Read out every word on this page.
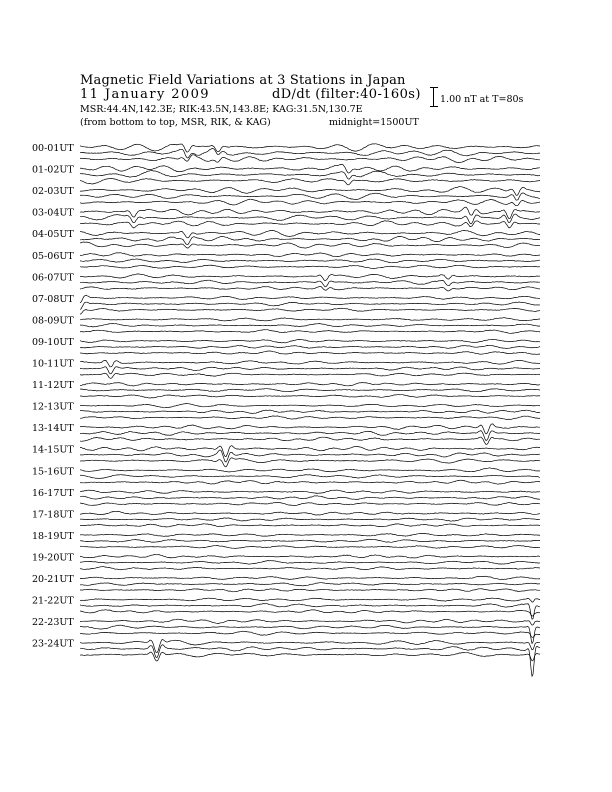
Magnetic Field Variations at 3 Stations in Japan
11 January 2009	dD/dt (filter:40-160s)
MSR:44.4N,142.3E; RIK:43.5N,143.8E; KAG:31.5N,130.7E
(from bottom to top, MSR, RIK, & KAG)	midnight=1500UT
1.00 nT at T=80s
00-01UT
01-02UT
02-03UT
03-04UT
04-05UT
05-06UT
06-07UT
07-08UT
08-09UT
09-10UT
10-11UT
11-12UT
12-13UT
13-14UT
14-15UT
15-16UT
16-17UT
17-18UT
18-19UT
19-20UT
20-21UT
21-22UT
22-23UT
23-24UT
